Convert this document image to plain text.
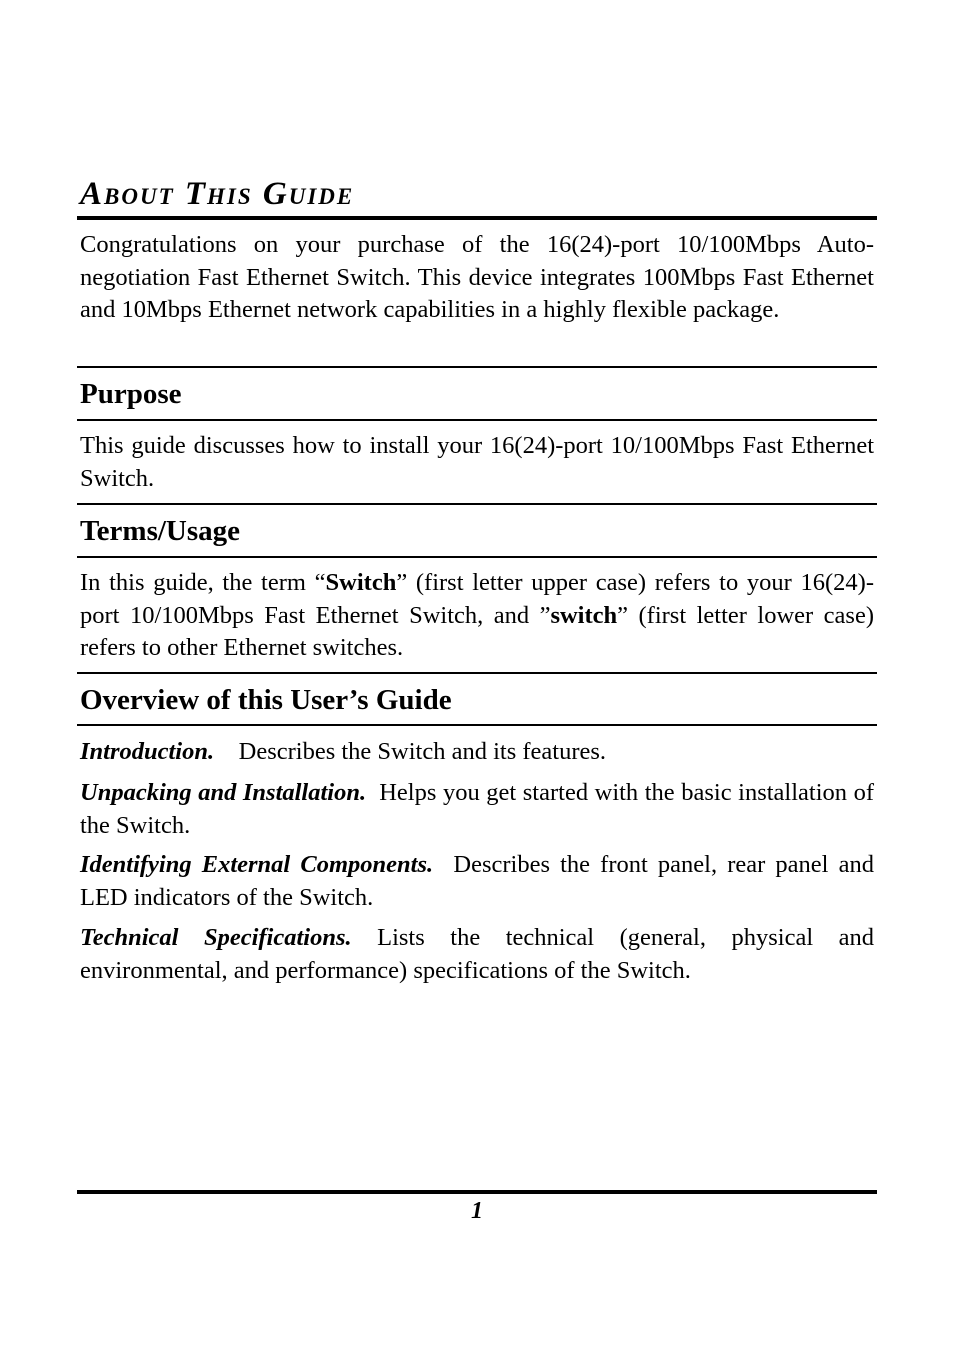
About This Guide

Congratulations on your purchase of the 16(24)-port 10/100Mbps Auto-negotiation Fast Ethernet Switch. This device integrates 100Mbps Fast Ethernet and 10Mbps Ethernet network capabilities in a highly flexible package.

Purpose

This guide discusses how to install your 16(24)-port 10/100Mbps Fast Ethernet Switch.

Terms/Usage

In this guide, the term “Switch” (first letter upper case) refers to your 16(24)-port 10/100Mbps Fast Ethernet Switch, and ”switch” (first letter lower case) refers to other Ethernet switches.

Overview of this User’s Guide

Introduction. Describes the Switch and its features.

Unpacking and Installation. Helps you get started with the basic installation of the Switch.

Identifying External Components. Describes the front panel, rear panel and LED indicators of the Switch.

Technical Specifications. Lists the technical (general, physical and environmental, and performance) specifications of the Switch.

1
